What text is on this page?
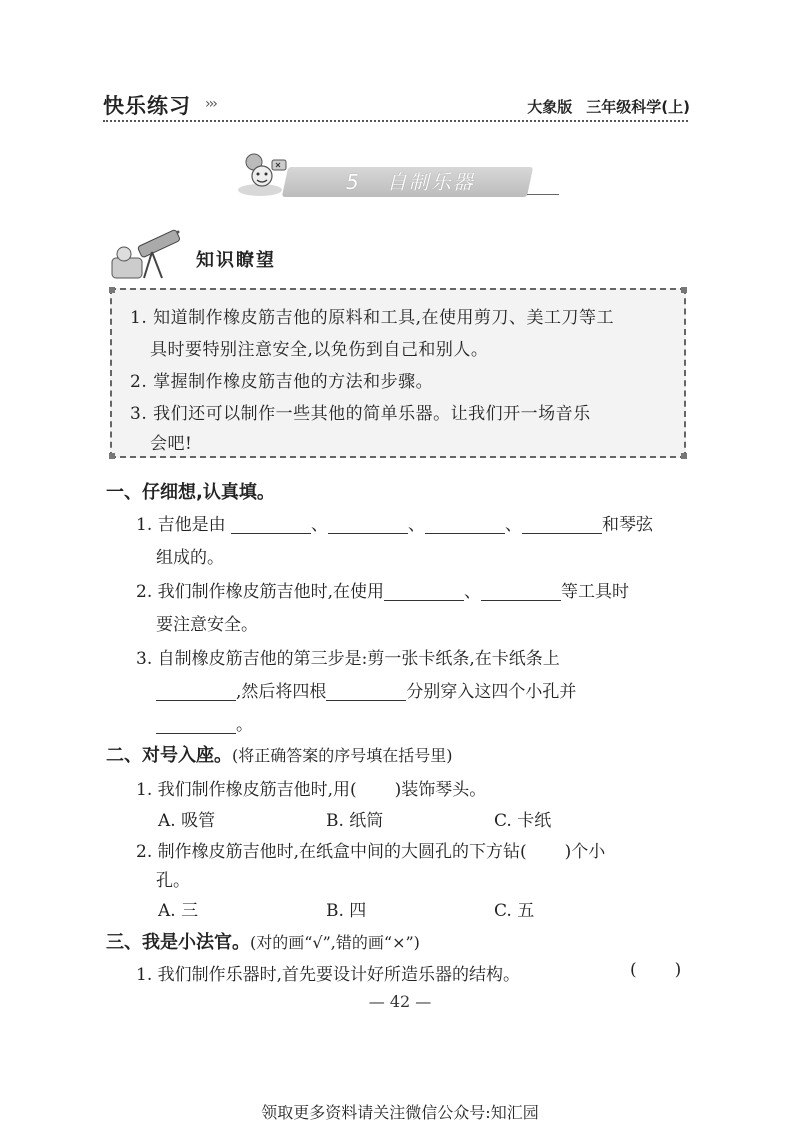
快乐练习 ›››	大象版 三年级科学(上)
5 自制乐器
知识瞭望
1. 知道制作橡皮筋吉他的原料和工具,在使用剪刀、美工刀等工
具时要特别注意安全,以免伤到自己和别人。
2. 掌握制作橡皮筋吉他的方法和步骤。
3. 我们还可以制作一些其他的简单乐器。让我们开一场音乐
会吧!
一、仔细想,认真填。
1. 吉他是由	、	、	、	和琴弦
组成的。
2. 我们制作橡皮筋吉他时,在使用	、	等工具时
要注意安全。
3. 自制橡皮筋吉他的第三步是:剪一张卡纸条,在卡纸条上
,然后将四根	分别穿入这四个小孔并
。
二、对号入座。(将正确答案的序号填在括号里)
1. 我们制作橡皮筋吉他时,用( )装饰琴头。
A. 吸管	B. 纸筒	C. 卡纸
2. 制作橡皮筋吉他时,在纸盒中间的大圆孔的下方钻( )个小
孔。
A. 三	B. 四	C. 五
三、我是小法官。(对的画“√”,错的画“×”)
1. 我们制作乐器时,首先要设计好所造乐器的结构。	( )
— 42 —
领取更多资料请关注微信公众号:知汇园
